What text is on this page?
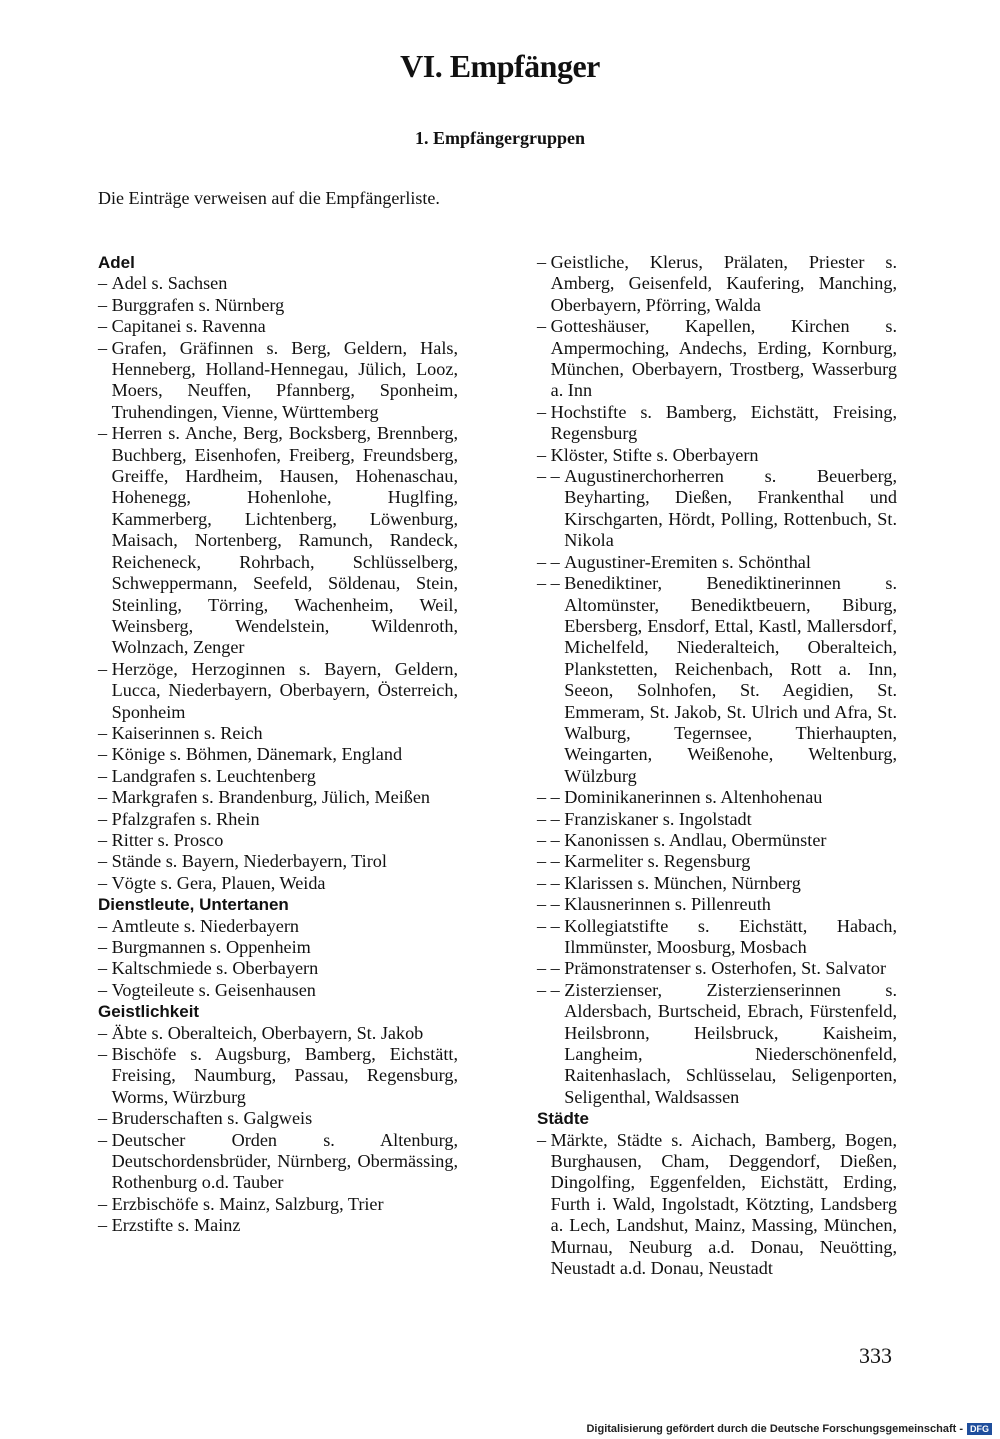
VI. Empfänger
1. Empfängergruppen
Die Einträge verweisen auf die Empfängerliste.
Adel
– Adel s. Sachsen
– Burggrafen s. Nürnberg
– Capitanei s. Ravenna
– Grafen, Gräfinnen s. Berg, Geldern, Hals, Henneberg, Holland-Hennegau, Jülich, Looz, Moers, Neuffen, Pfannberg, Sponheim, Truhendingen, Vienne, Württemberg
– Herren s. Anche, Berg, Bocksberg, Brennberg, Buchberg, Eisenhofen, Freiberg, Freundsberg, Greiffe, Hardheim, Hausen, Hohenaschau, Hohenegg, Hohenlohe, Huglfing, Kammerberg, Lichtenberg, Löwenburg, Maisach, Nortenberg, Ramunch, Randeck, Reicheneck, Rohrbach, Schlüsselberg, Schweppermann, Seefeld, Söldenau, Stein, Steinling, Törring, Wachenheim, Weil, Weinsberg, Wendelstein, Wildenroth, Wolnzach, Zenger
– Herzöge, Herzoginnen s. Bayern, Geldern, Lucca, Niederbayern, Oberbayern, Österreich, Sponheim
– Kaiserinnen s. Reich
– Könige s. Böhmen, Dänemark, England
– Landgrafen s. Leuchtenberg
– Markgrafen s. Brandenburg, Jülich, Meißen
– Pfalzgrafen s. Rhein
– Ritter s. Prosco
– Stände s. Bayern, Niederbayern, Tirol
– Vögte s. Gera, Plauen, Weida
Dienstleute, Untertanen
– Amtleute s. Niederbayern
– Burgmannen s. Oppenheim
– Kaltschmiede s. Oberbayern
– Vogteileute s. Geisenhausen
Geistlichkeit
– Äbte s. Oberalteich, Oberbayern, St. Jakob
– Bischöfe s. Augsburg, Bamberg, Eichstätt, Freising, Naumburg, Passau, Regensburg, Worms, Würzburg
– Bruderschaften s. Galgweis
– Deutscher Orden s. Altenburg, Deutschordensbrüder, Nürnberg, Obermässing, Rothenburg o.d. Tauber
– Erzbischöfe s. Mainz, Salzburg, Trier
– Erzstifte s. Mainz
– Geistliche, Klerus, Prälaten, Priester s. Amberg, Geisenfeld, Kaufering, Manching, Oberbayern, Pförring, Walda
– Gotteshäuser, Kapellen, Kirchen s. Ampermoching, Andechs, Erding, Kornburg, München, Oberbayern, Trostberg, Wasserburg a. Inn
– Hochstifte s. Bamberg, Eichstätt, Freising, Regensburg
– Klöster, Stifte s. Oberbayern
– – Augustinerchorherren s. Beuerberg, Beyharting, Dießen, Frankenthal und Kirschgarten, Hördt, Polling, Rottenbuch, St. Nikola
– – Augustiner-Eremiten s. Schönthal
– – Benediktiner, Benediktinerinnen s. Altomünster, Benediktbeuern, Biburg, Ebersberg, Ensdorf, Ettal, Kastl, Mallersdorf, Michelfeld, Niederalteich, Oberalteich, Plankstetten, Reichenbach, Rott a. Inn, Seeon, Solnhofen, St. Aegidien, St. Emmeram, St. Jakob, St. Ulrich und Afra, St. Walburg, Tegernsee, Thierhaupten, Weingarten, Weißenohe, Weltenburg, Wülzburg
– – Dominikanerinnen s. Altenhohenau
– – Franziskaner s. Ingolstadt
– – Kanonissen s. Andlau, Obermünster
– – Karmeliter s. Regensburg
– – Klarissen s. München, Nürnberg
– – Klausnerinnen s. Pillenreuth
– – Kollegiatstifte s. Eichstätt, Habach, Ilmmünster, Moosburg, Mosbach
– – Prämonstratenser s. Osterhofen, St. Salvator
– – Zisterzienser, Zisterzienserinnen s. Aldersbach, Burtscheid, Ebrach, Fürstenfeld, Heilsbronn, Heilsbruck, Kaisheim, Langheim, Niederschönenfeld, Raitenhaslach, Schlüsselau, Seligenporten, Seligenthal, Waldsassen
Städte
– Märkte, Städte s. Aichach, Bamberg, Bogen, Burghausen, Cham, Deggendorf, Dießen, Dingolfing, Eggenfelden, Eichstätt, Erding, Furth i. Wald, Ingolstadt, Kötzting, Landsberg a. Lech, Landshut, Mainz, Massing, München, Murnau, Neuburg a.d. Donau, Neuötting, Neustadt a.d. Donau, Neustadt
333
Digitalisierung gefördert durch die Deutsche Forschungsgemeinschaft - DFG
